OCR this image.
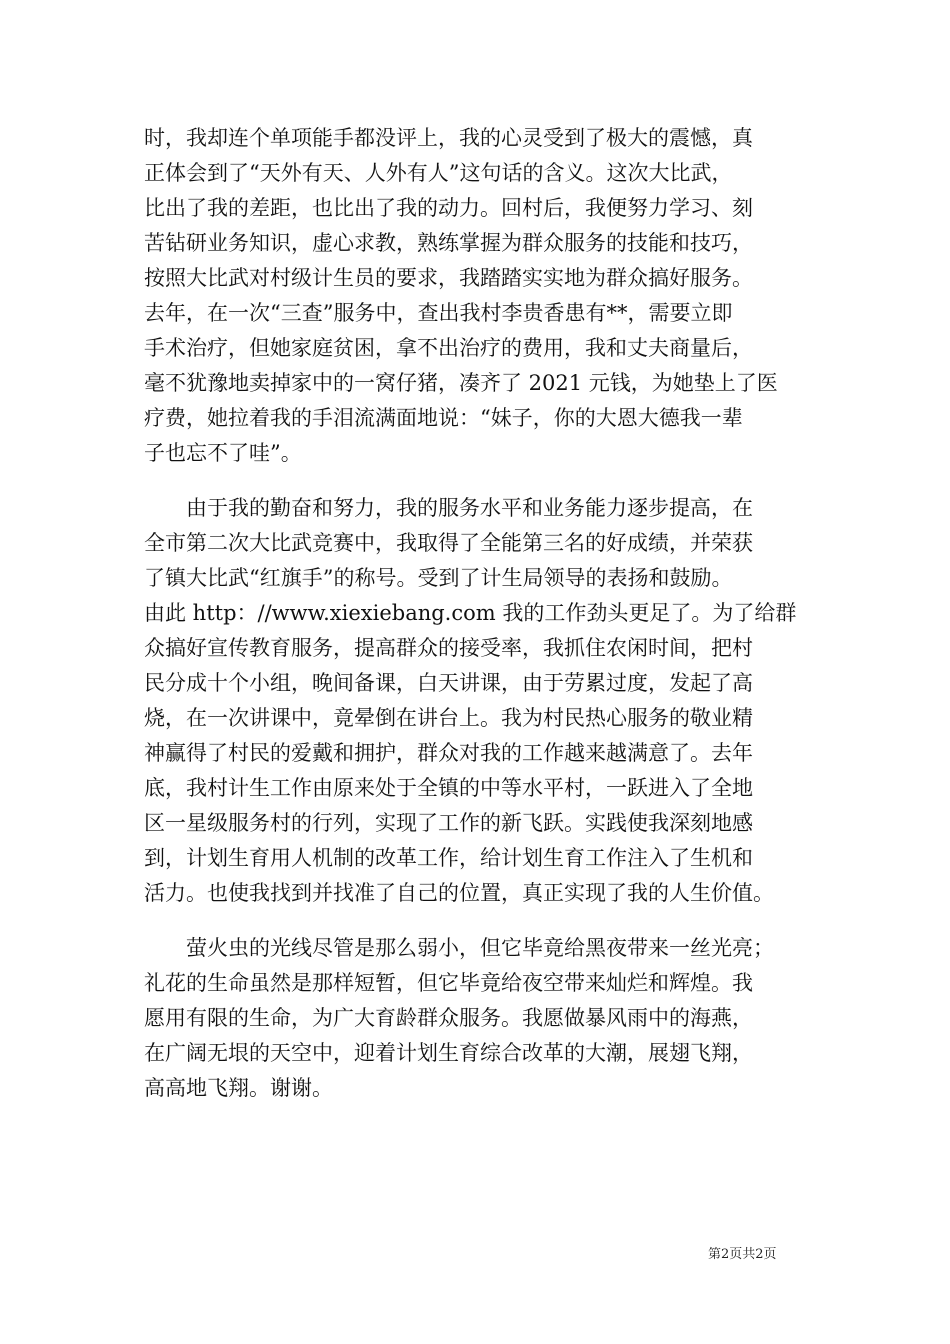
时，我却连个单项能手都没评上，我的心灵受到了极大的震憾，真
正体会到了“天外有天、人外有人”这句话的含义。这次大比武，
比出了我的差距，也比出了我的动力。回村后，我便努力学习、刻
苦钻研业务知识，虚心求教，熟练掌握为群众服务的技能和技巧，
按照大比武对村级计生员的要求，我踏踏实实地为群众搞好服务。
去年，在一次“三查”服务中，查出我村李贵香患有**，需要立即
手术治疗，但她家庭贫困，拿不出治疗的费用，我和丈夫商量后，
毫不犹豫地卖掉家中的一窝仔猪，凑齐了 2021 元钱，为她垫上了医
疗费，她拉着我的手泪流满面地说：“妹子，你的大恩大德我一辈
子也忘不了哇”。
由于我的勤奋和努力，我的服务水平和业务能力逐步提高，在
全市第二次大比武竞赛中，我取得了全能第三名的好成绩，并荣获
了镇大比武“红旗手”的称号。受到了计生局领导的表扬和鼓励。
由此 http：//www.xiexiebang.com 我的工作劲头更足了。为了给群
众搞好宣传教育服务，提高群众的接受率，我抓住农闲时间，把村
民分成十个小组，晚间备课，白天讲课，由于劳累过度，发起了高
烧，在一次讲课中，竟晕倒在讲台上。我为村民热心服务的敬业精
神赢得了村民的爱戴和拥护，群众对我的工作越来越满意了。去年
底，我村计生工作由原来处于全镇的中等水平村，一跃进入了全地
区一星级服务村的行列，实现了工作的新飞跃。实践使我深刻地感
到，计划生育用人机制的改革工作，给计划生育工作注入了生机和
活力。也使我找到并找准了自己的位置，真正实现了我的人生价值。
萤火虫的光线尽管是那么弱小，但它毕竟给黑夜带来一丝光亮；
礼花的生命虽然是那样短暂，但它毕竟给夜空带来灿烂和辉煌。我
愿用有限的生命，为广大育龄群众服务。我愿做暴风雨中的海燕，
在广阔无垠的天空中，迎着计划生育综合改革的大潮，展翅飞翔，
高高地飞翔。谢谢。
第2页共2页
